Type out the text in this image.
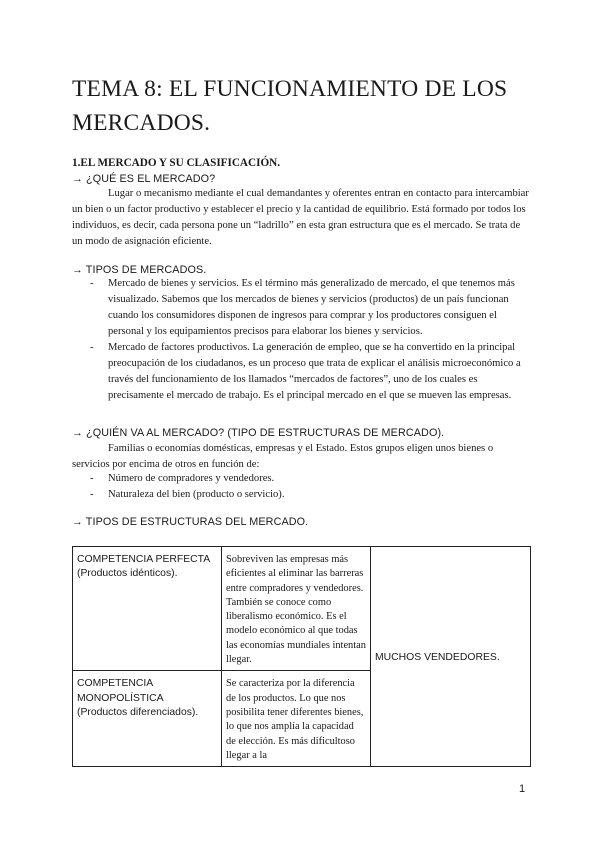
TEMA 8: EL FUNCIONAMIENTO DE LOS MERCADOS.

1.EL MERCADO Y SU CLASIFICACIÓN.

→ ¿QUÉ ES EL MERCADO?

Lugar o mecanismo mediante el cual demandantes y oferentes entran en contacto para intercambiar un bien o un factor productivo y establecer el precio y la cantidad de equilibrio. Está formado por todos los individuos, es decir, cada persona pone un “ladrillo” en esta gran estructura que es el mercado. Se trata de un modo de asignación eficiente.

→ TIPOS DE MERCADOS.

- Mercado de bienes y servicios. Es el término más generalizado de mercado, el que tenemos más visualizado. Sabemos que los mercados de bienes y servicios (productos) de un país funcionan cuando los consumidores disponen de ingresos para comprar y los productores consiguen el personal y los equipamientos precisos para elaborar los bienes y servicios.
- Mercado de factores productivos. La generación de empleo, que se ha convertido en la principal preocupación de los ciudadanos, es un proceso que trata de explicar el análisis microeconómico a través del funcionamiento de los llamados “mercados de factores”, uno de los cuales es precisamente el mercado de trabajo. Es el principal mercado en el que se mueven las empresas.

→ ¿QUIÉN VA AL MERCADO? (TIPO DE ESTRUCTURAS DE MERCADO).

Familias o economías domésticas, empresas y el Estado. Estos grupos eligen unos bienes o servicios por encima de otros en función de:

- Número de compradores y vendedores.
- Naturaleza del bien (producto o servicio).

→ TIPOS DE ESTRUCTURAS DEL MERCADO.

COMPETENCIA PERFECTA
(Productos idénticos).	Sobreviven las empresas más eficientes al eliminar las barreras entre compradores y vendedores. También se conoce como liberalismo económico. Es el modelo económico al que todas las economías mundiales intentan llegar.	MUCHOS VENDEDORES.
COMPETENCIA MONOPOLÍSTICA
(Productos diferenciados).	Se caracteriza por la diferencia de los productos. Lo que nos posibilita tener diferentes bienes, lo que nos amplía la capacidad de elección. Es más dificultoso llegar a la	
1
